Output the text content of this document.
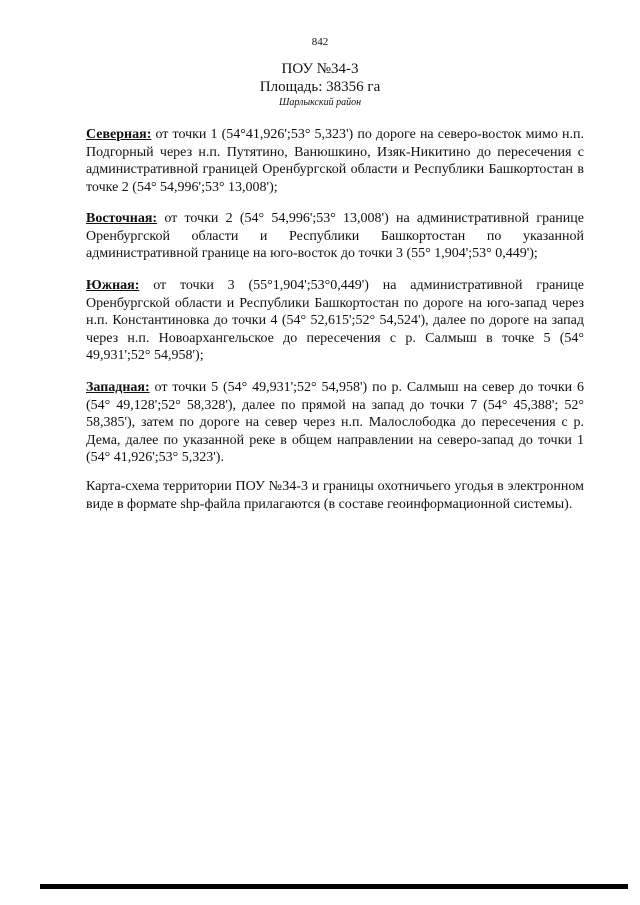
842
ПОУ №34-3
Площадь: 38356 га
Шарлыкский район
Северная: от точки 1 (54°41,926';53° 5,323') по дороге на северо-восток мимо н.п. Подгорный через н.п. Путятино, Ванюшкино, Изяк-Никитино до пересечения с административной границей Оренбургской области и Республики Башкортостан в точке 2 (54° 54,996';53° 13,008');
Восточная: от точки 2 (54° 54,996';53° 13,008') на административной границе Оренбургской области и Республики Башкортостан по указанной административной границе на юго-восток до точки 3 (55° 1,904';53° 0,449');
Южная: от точки 3 (55°1,904';53°0,449') на административной границе Оренбургской области и Республики Башкортостан по дороге на юго-запад через н.п. Константиновка до точки 4 (54° 52,615';52° 54,524'), далее по дороге на запад через н.п. Новоархангельское до пересечения с р. Салмыш в точке 5 (54° 49,931';52° 54,958');
Западная: от точки 5 (54° 49,931';52° 54,958') по р. Салмыш на север до точки 6 (54° 49,128';52° 58,328'), далее по прямой на запад до точки 7 (54° 45,388'; 52° 58,385'), затем по дороге на север через н.п. Малослободка до пересечения с р. Дема, далее по указанной реке в общем направлении на северо-запад до точки 1 (54° 41,926';53° 5,323').
Карта-схема территории ПОУ №34-3 и границы охотничьего угодья в электронном виде в формате shp-файла прилагаются (в составе геоинформационной системы).
